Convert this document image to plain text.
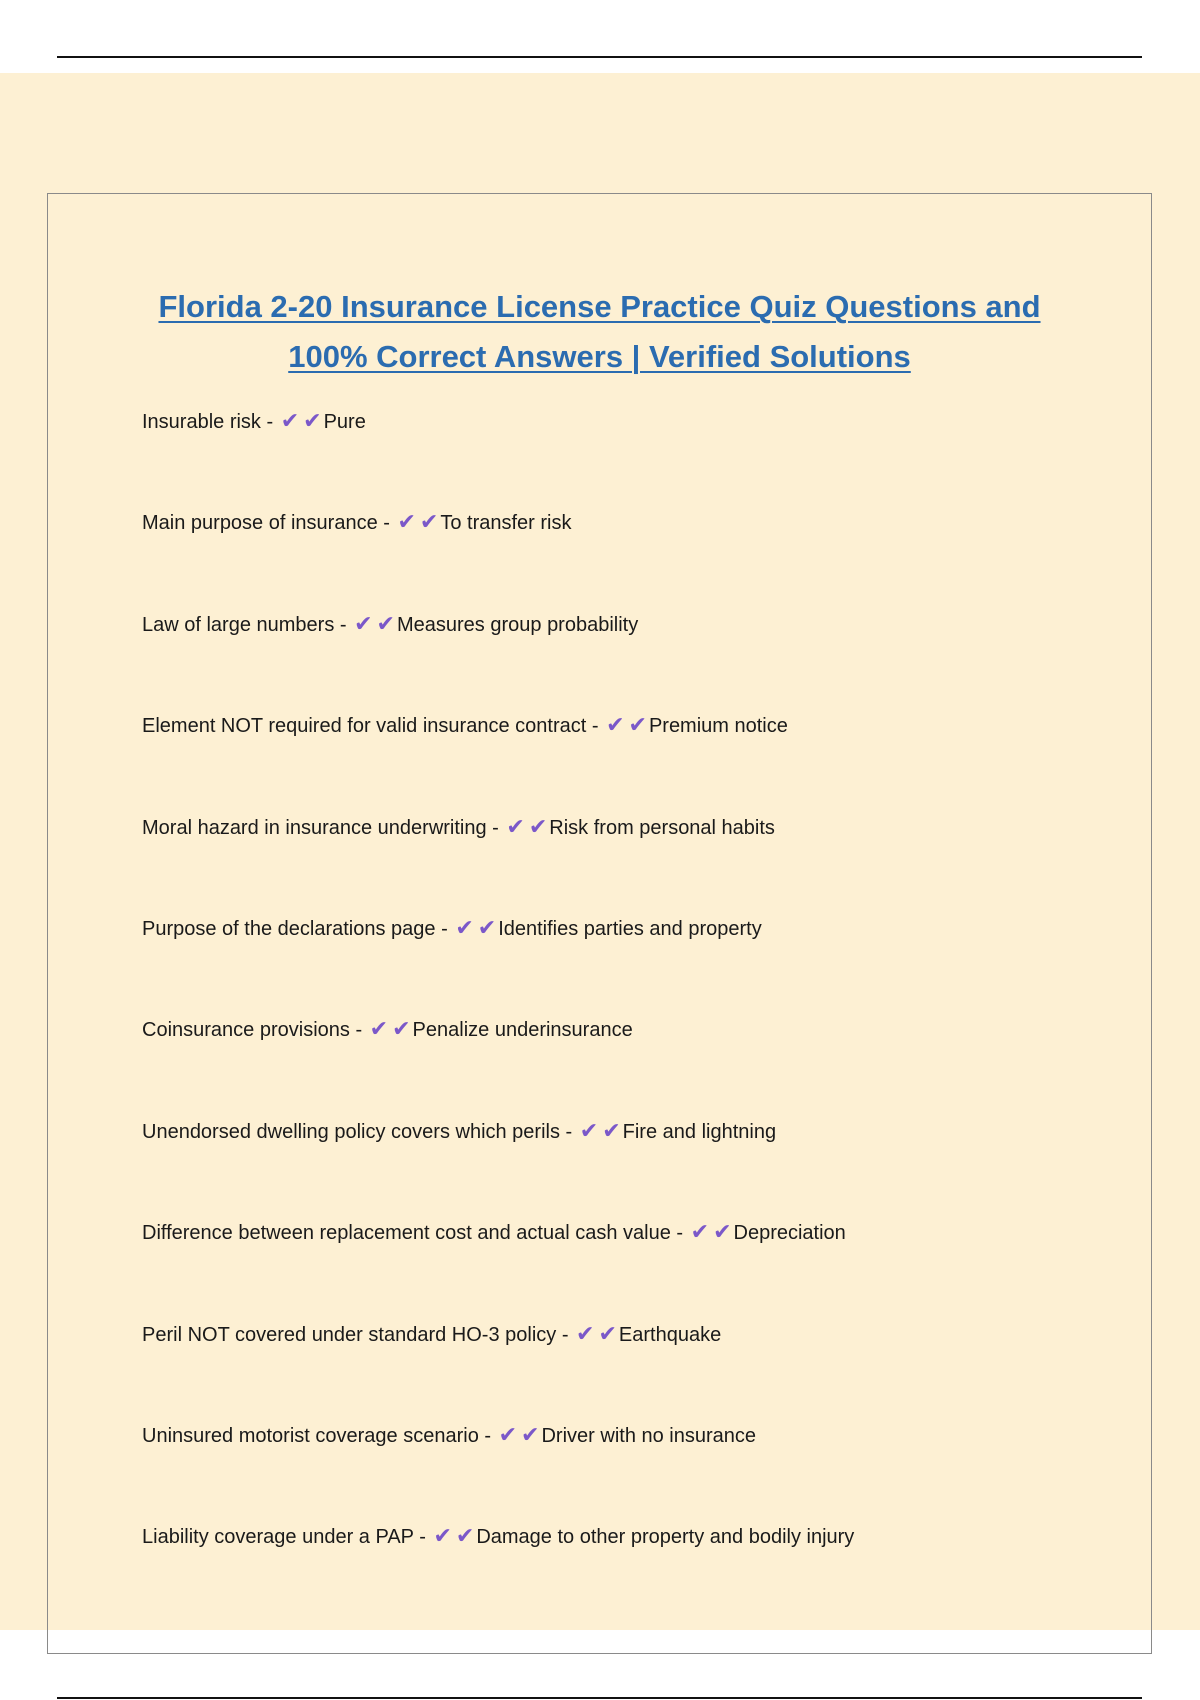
Florida 2-20 Insurance License Practice Quiz Questions and
100% Correct Answers | Verified Solutions
Insurable risk - ✔ ✔ Pure
Main purpose of insurance - ✔ ✔ To transfer risk
Law of large numbers - ✔ ✔ Measures group probability
Element NOT required for valid insurance contract - ✔ ✔ Premium notice
Moral hazard in insurance underwriting - ✔ ✔ Risk from personal habits
Purpose of the declarations page - ✔ ✔ Identifies parties and property
Coinsurance provisions - ✔ ✔ Penalize underinsurance
Unendorsed dwelling policy covers which perils - ✔ ✔ Fire and lightning
Difference between replacement cost and actual cash value - ✔ ✔ Depreciation
Peril NOT covered under standard HO-3 policy - ✔ ✔ Earthquake
Uninsured motorist coverage scenario - ✔ ✔ Driver with no insurance
Liability coverage under a PAP - ✔ ✔ Damage to other property and bodily injury
